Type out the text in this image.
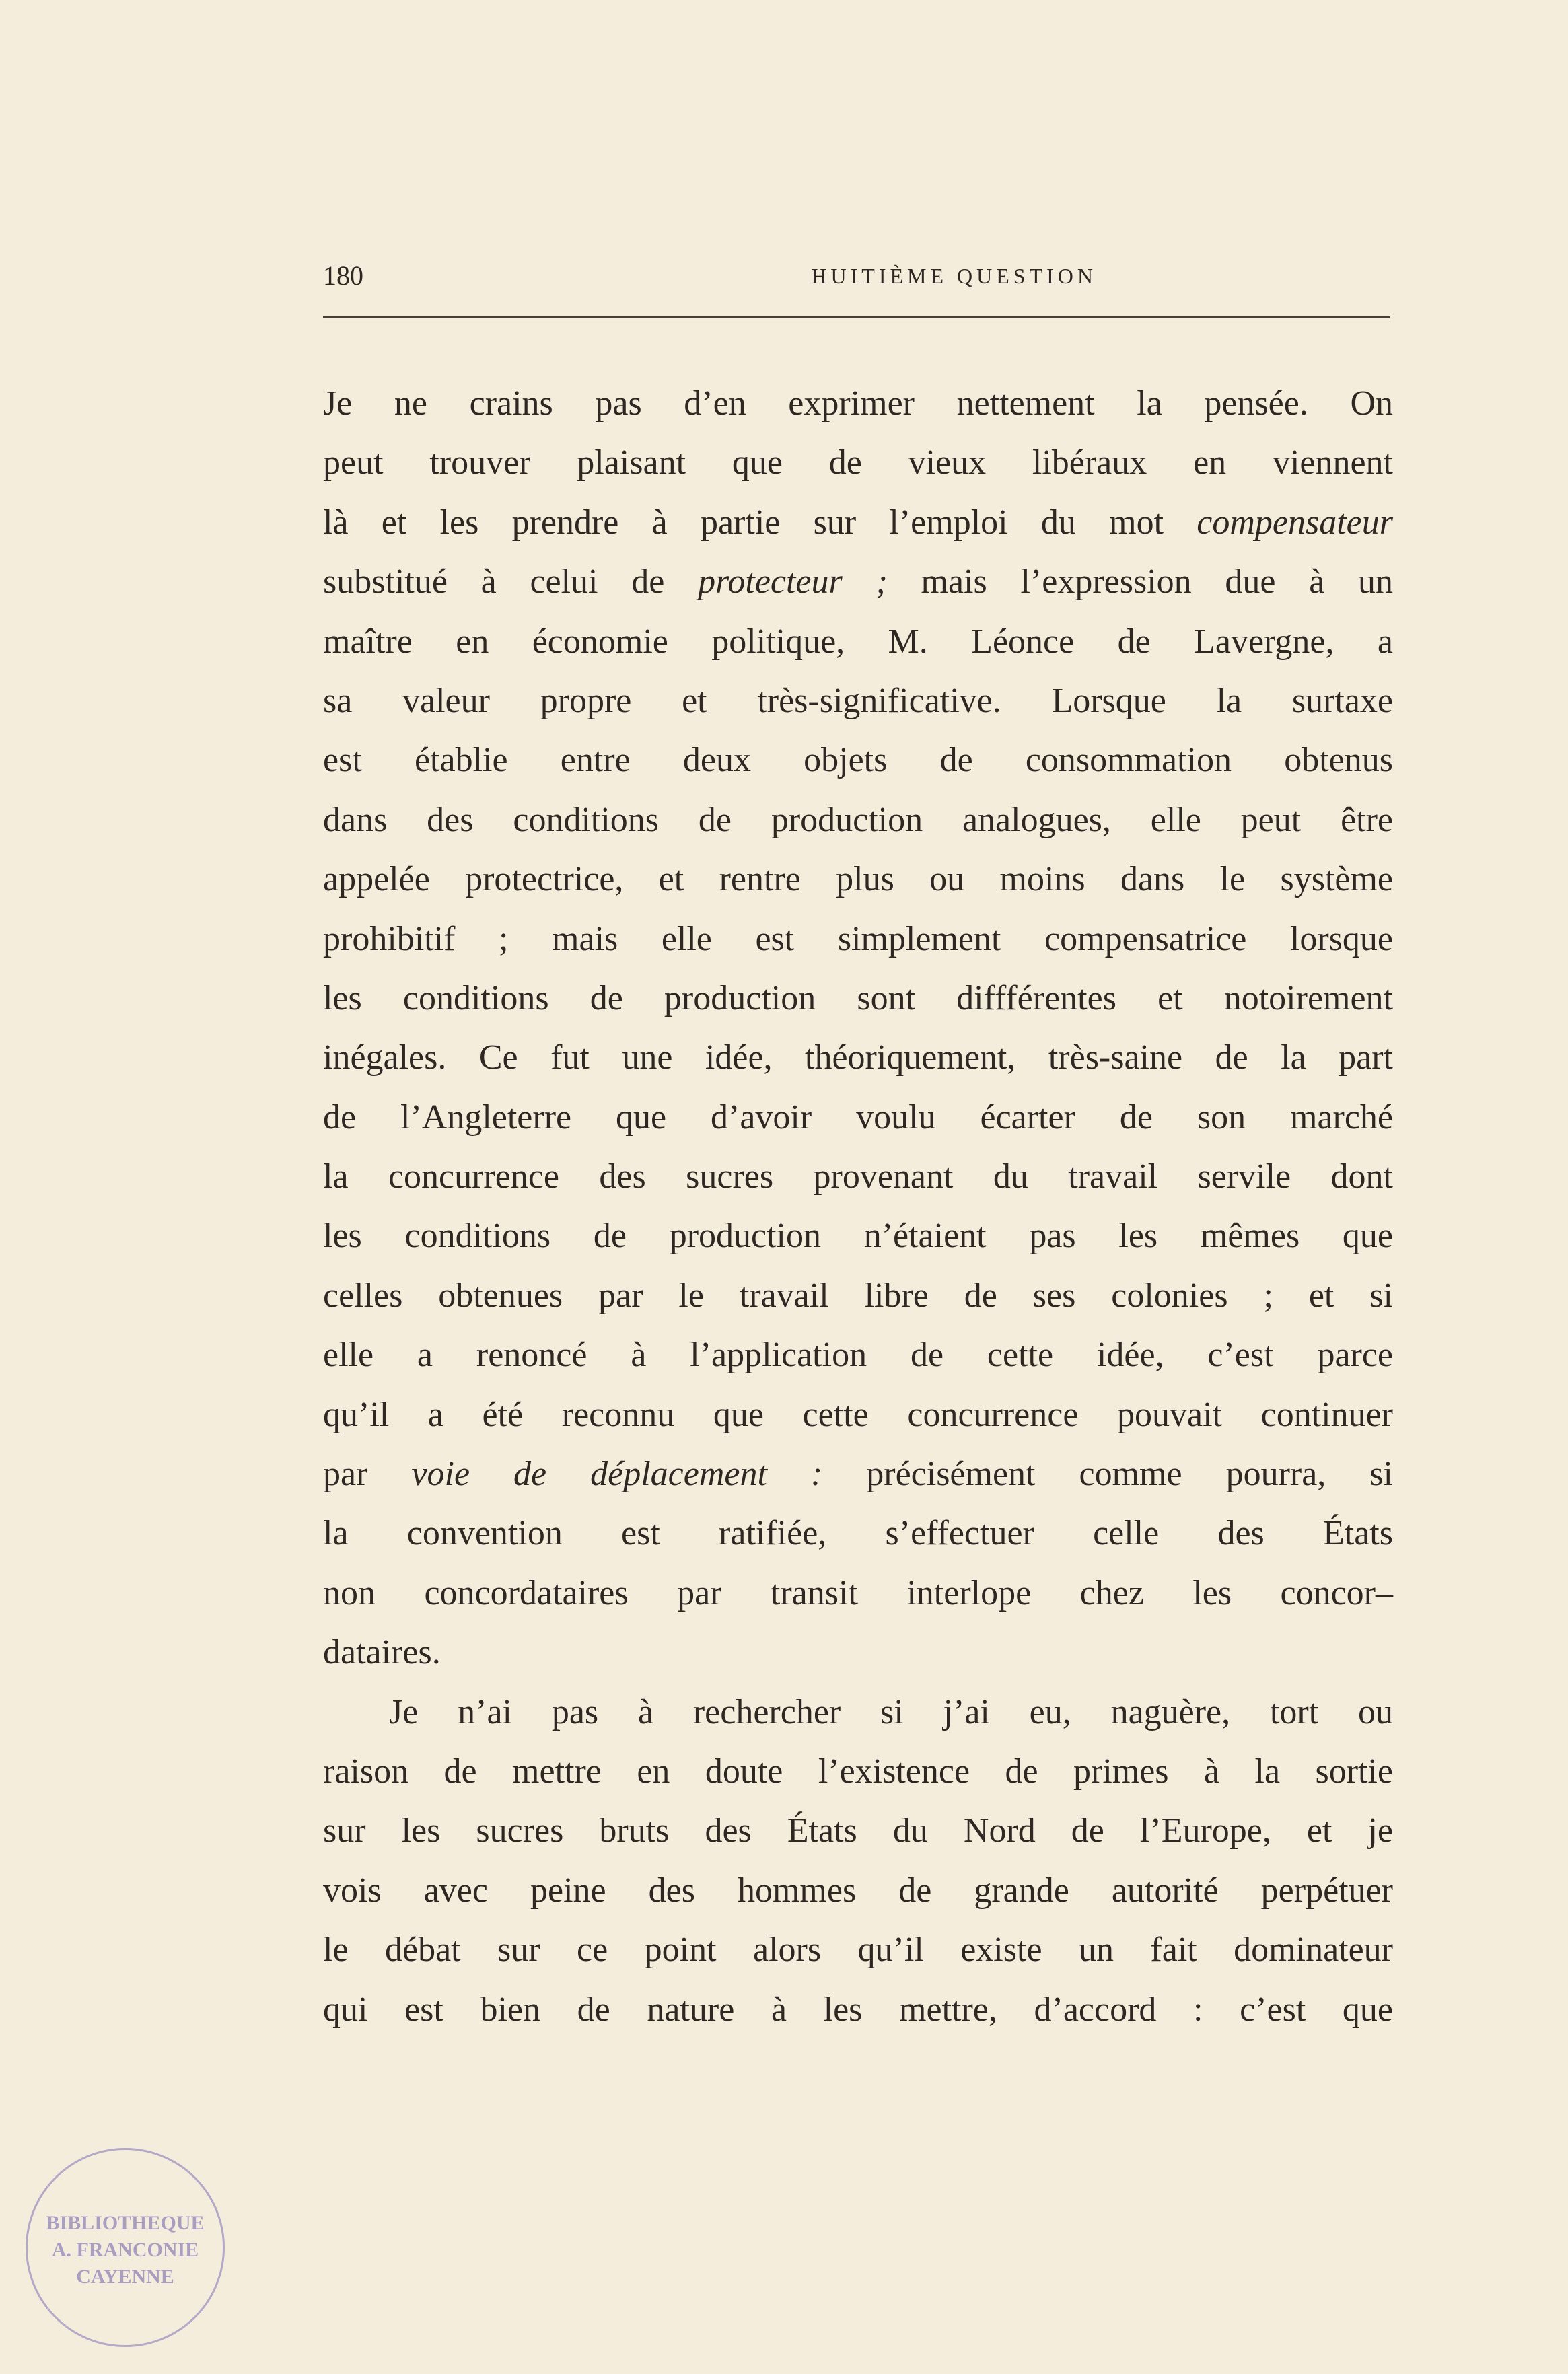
180	HUITIÈME QUESTION
Je ne crains pas d’en exprimer nettement la pensée. On
peut trouver plaisant que de vieux libéraux en viennent
là et les prendre à partie sur l’emploi du mot compensateur
substitué à celui de protecteur ; mais l’expression due à un
maître en économie politique, M. Léonce de Lavergne, a
sa valeur propre et très-significative. Lorsque la surtaxe
est établie entre deux objets de consommation obtenus
dans des conditions de production analogues, elle peut être
appelée protectrice, et rentre plus ou moins dans le système
prohibitif ; mais elle est simplement compensatrice lorsque
les conditions de production sont diffférentes et notoirement
inégales. Ce fut une idée, théoriquement, très-saine de la part
de l’Angleterre que d’avoir voulu écarter de son marché
la concurrence des sucres provenant du travail servile dont
les conditions de production n’étaient pas les mêmes que
celles obtenues par le travail libre de ses colonies ; et si
elle a renoncé à l’application de cette idée, c’est parce
qu’il a été reconnu que cette concurrence pouvait continuer
par voie de déplacement : précisément comme pourra, si
la convention est ratifiée, s’effectuer celle des États
non concordataires par transit interlope chez les concor–
dataires.
Je n’ai pas à rechercher si j’ai eu, naguère, tort ou
raison de mettre en doute l’existence de primes à la sortie
sur les sucres bruts des États du Nord de l’Europe, et je
vois avec peine des hommes de grande autorité perpétuer
le débat sur ce point alors qu’il existe un fait dominateur
qui est bien de nature à les mettre, d’accord : c’est que
BIBLIOTHEQUE
A. FRANCONIE
CAYENNE
